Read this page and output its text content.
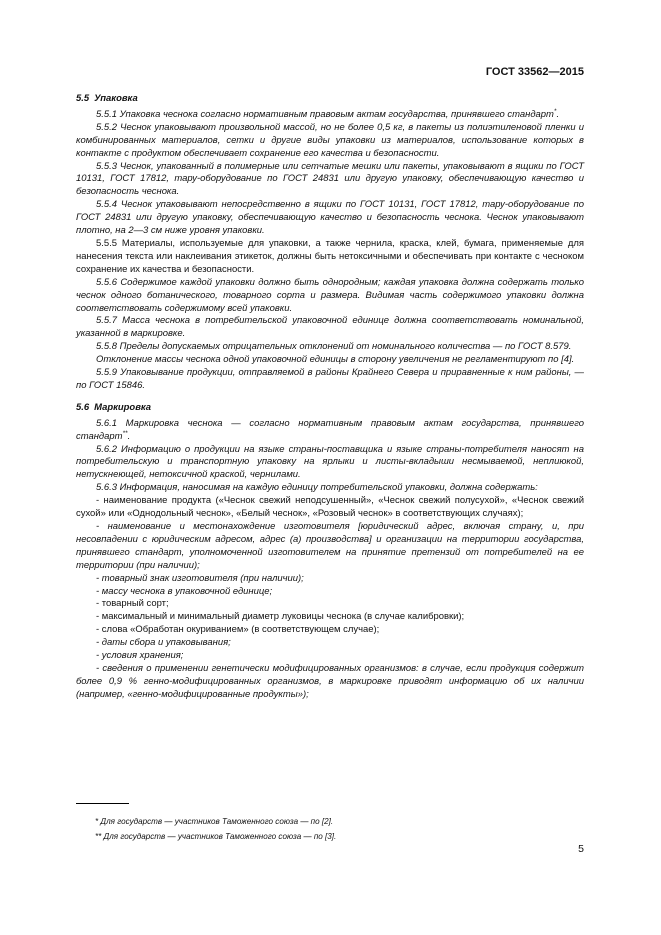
ГОСТ 33562—2015
5.5 Упаковка

5.5.1 Упаковка чеснока согласно нормативным правовым актам государства, принявшего стандарт*.

5.5.2 Чеснок упаковывают произвольной массой, но не более 0,5 кг, в пакеты из полиэтиленовой пленки и комбинированных материалов, сетки и другие виды упаковки из материалов, использование которых в контакте с продуктом обеспечивает сохранение его качества и безопасности.

5.5.3 Чеснок, упакованный в полимерные или сетчатые мешки или пакеты, упаковывают в ящики по ГОСТ 10131, ГОСТ 17812, тару-оборудование по ГОСТ 24831 или другую упаковку, обеспечивающую качество и безопасность чеснока.

5.5.4 Чеснок упаковывают непосредственно в ящики по ГОСТ 10131, ГОСТ 17812, тару-оборудование по ГОСТ 24831 или другую упаковку, обеспечивающую качество и безопасность чеснока. Чеснок упаковывают плотно, на 2—3 см ниже уровня упаковки.

5.5.5 Материалы, используемые для упаковки, а также чернила, краска, клей, бумага, применяемые для нанесения текста или наклеивания этикеток, должны быть нетоксичными и обеспечивать при контакте с чесноком сохранение их качества и безопасности.

5.5.6 Содержимое каждой упаковки должно быть однородным; каждая упаковка должна содержать только чеснок одного ботанического, товарного сорта и размера. Видимая часть содержимого упаковки должна соответствовать содержимому всей упаковки.

5.5.7 Масса чеснока в потребительской упаковочной единице должна соответствовать номинальной, указанной в маркировке.

5.5.8 Пределы допускаемых отрицательных отклонений от номинального количества — по ГОСТ 8.579.

Отклонение массы чеснока одной упаковочной единицы в сторону увеличения не регламентируют по [4].

5.5.9 Упаковывание продукции, отправляемой в районы Крайнего Севера и приравненные к ним районы, — по ГОСТ 15846.

5.6 Маркировка

5.6.1 Маркировка чеснока — согласно нормативным правовым актам государства, принявшего стандарт**.

5.6.2 Информацию о продукции на языке страны-поставщика и языке страны-потребителя наносят на потребительскую и транспортную упаковку на ярлыки и листы-вкладыши несмываемой, неплиюкой, нетускнеющей, нетоксичной краской, чернилами.

5.6.3 Информация, наносимая на каждую единицу потребительской упаковки, должна содержать:

- наименование продукта («Чеснок свежий неподсушенный», «Чеснок свежий полусухой», «Чеснок свежий сухой» или «Однодольный чеснок», «Белый чеснок», «Розовый чеснок» в соответствующих случаях);

- наименование и местонахождение изготовителя [юридический адрес, включая страну, и, при несовпадении с юридическим адресом, адрес (а) производства] и организации на территории государства, принявшего стандарт, уполномоченной изготовителем на принятие претензий от потребителей на ее территории (при наличии);

- товарный знак изготовителя (при наличии);

- массу чеснока в упаковочной единице;

- товарный сорт;

- максимальный и минимальный диаметр луковицы чеснока (в случае калибровки);

- слова «Обработан окуриванием» (в соответствующем случае);

- даты сбора и упаковывания;

- условия хранения;

- сведения о применении генетически модифицированных организмов: в случае, если продукция содержит более 0,9 % генно-модифицированных организмов, в маркировке приводят информацию об их наличии (например, «генно-модифицированные продукты»);

* Для государств — участников Таможенного союза — по [2].
** Для государств — участников Таможенного союза — по [3].
5
